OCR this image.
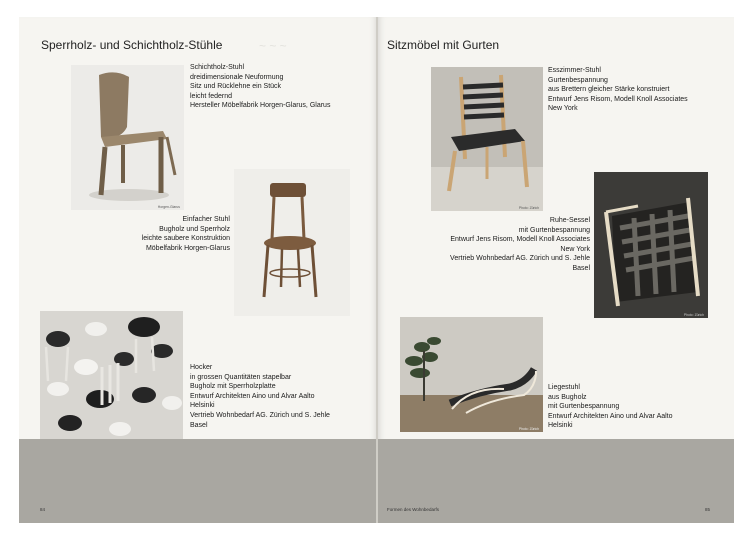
~ ~ ~
Sperrholz- und Schichtholz-Stühle
Horgen-Glarus
Schichtholz-Stuhl
dreidimensionale Neuformung
Sitz und Rücklehne ein Stück
leicht federnd
Hersteller Möbelfabrik Horgen-Glarus, Glarus
Einfacher Stuhl
Bugholz und Sperrholz
leichte saubere Konstruktion
Möbelfabrik Horgen-Glarus
Hocker
in grossen Quantitäten stapelbar
Bugholz mit Sperrholzplatte
Entwurf Architekten Aino und Alvar Aalto
Helsinki
Vertrieb Wohnbedarf AG. Zürich und S. Jehle
Basel
84
Sitzmöbel mit Gurten
Photo: Zürich
Esszimmer-Stuhl
Gurtenbespannung
aus Brettern gleicher Stärke konstruiert
Entwurf Jens Risom, Modell Knoll Associates
New York
Photo: Zürich
Ruhe-Sessel
mit Gurtenbespannung
Entwurf Jens Risom, Modell Knoll Associates
New York
Vertrieb Wohnbedarf AG. Zürich und S. Jehle
Basel
Photo: Zürich
Liegestuhl
aus Bugholz
mit Gurtenbespannung
Entwurf Architekten Aino und Alvar Aalto
Helsinki
Formen des Wohnbedarfs	85
